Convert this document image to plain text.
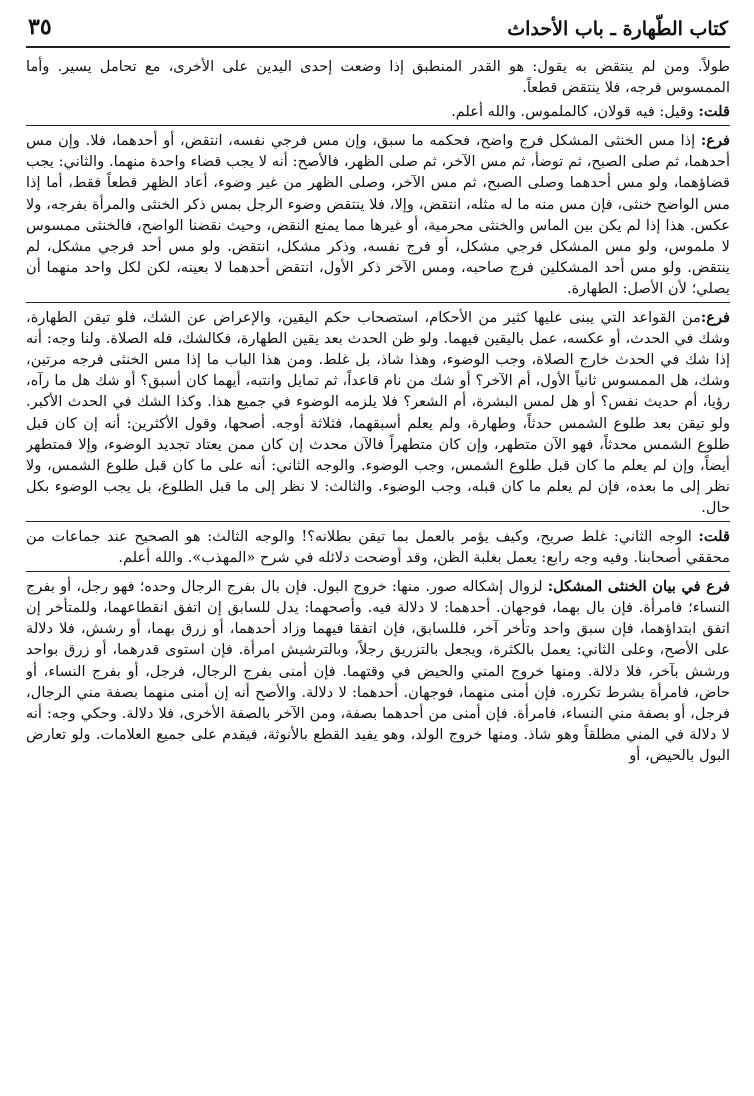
كتاب الطّهارة ـ باب الأحداث
٣٥

طولاً. ومن لم ينتقض به يقول: هو القدر المنطبق إذا وضعت إحدى اليدين على الأخرى، مع تحامل يسير. وأما الممسوس فرجه، فلا ينتقض قطعاً.

قلت: وقيل: فيه قولان، كالملموس. والله أعلم.

فرع: إذا مس الخنثى المشكل فرج واضح، فحكمه ما سبق، وإن مس فرجي نفسه، انتقض، أو أحدهما، فلا. وإن مس أحدهما، ثم صلى الصبح، ثم توضأ، ثم مس الآخر، ثم صلى الظهر، فالأصح: أنه لا يجب قضاء واحدة منهما. والثاني: يجب قضاؤهما، ولو مس أحدهما وصلى الصبح، ثم مس الآخر، وصلى الظهر من غير وضوء، أعاد الظهر قطعاً فقط، أما إذا مس الواضح خنثى، فإن مس منه ما له مثله، انتقض، وإلا، فلا ينتقض وضوء الرجل بمس ذكر الخنثى والمرأة بفرجه، ولا عكس. هذا إذا لم يكن بين الماس والخنثى محرمية، أو غيرها مما يمنع النقض، وحيث نقضنا الواضح، فالخنثى ممسوس لا ملموس، ولو مس المشكل فرجي مشكل، أو فرج نفسه، وذكر مشكل، انتقض. ولو مس أحد فرجي مشكل، لم ينتقض. ولو مس أحد المشكلين فرج صاحبه، ومس الآخر ذكر الأول، انتقض أحدهما لا بعينه، لكن لكل واحد منهما أن يصلي؛ لأن الأصل: الطهارة.

فرع:من القواعد التي يبنى عليها كثير من الأحكام، استصحاب حكم اليقين، والإعراض عن الشك، فلو تيقن الطهارة، وشك في الحدث، أو عكسه، عمل باليقين فيهما. ولو ظن الحدث بعد يقين الطهارة، فكالشك، فله الصلاة. ولنا وجه: أنه إذا شك في الحدث خارج الصلاة، وجب الوضوء، وهذا شاذ، بل غلط. ومن هذا الباب ما إذا مس الخنثى فرجه مرتين، وشك، هل الممسوس ثانياً الأول، أم الآخر؟ أو شك من نام قاعداً، ثم تمايل وانتبه، أيهما كان أسبق؟ أو شك هل ما رآه، رؤيا، أم حديث نفس؟ أو هل لمس البشرة، أم الشعر؟ فلا يلزمه الوضوء في جميع هذا. وكذا الشك في الحدث الأكبر. ولو تيقن بعد طلوع الشمس حدثاً، وطهارة، ولم يعلم أسبقهما، فثلاثة أوجه. أصحها، وقول الأكثرين: أنه إن كان قبل طلوع الشمس محدثاً، فهو الآن متطهر، وإن كان متطهراً فالآن محدث إن كان ممن يعتاد تجديد الوضوء، وإلا فمتطهر أيضاً، وإن لم يعلم ما كان قبل طلوع الشمس، وجب الوضوء. والوجه الثاني: أنه على ما كان قبل طلوع الشمس، ولا نظر إلى ما بعده، فإن لم يعلم ما كان قبله، وجب الوضوء. والثالث: لا نظر إلى ما قبل الطلوع، بل يجب الوضوء بكل حال.

قلت: الوجه الثاني: غلط صريح، وكيف يؤمر بالعمل بما تيقن بطلانه؟! والوجه الثالث: هو الصحيح عند جماعات من محققي أصحابنا. وفيه وجه رابع: يعمل بغلبة الظن، وقد أوضحت دلائله في شرح «المهذب». والله أعلم.

فرع في بيان الخنثى المشكل: لزوال إشكاله صور. منها: خروج البول. فإن بال بفرج الرجال وحده؛ فهو رجل، أو بفرج النساء؛ فامرأة. فإن بال بهما، فوجهان. أحدهما: لا دلالة فيه. وأصحهما: يدل للسابق إن اتفق انقطاعهما، وللمتأخر إن اتفق ابتداؤهما، فإن سبق واحد وتأخر آخر، فللسابق، فإن اتفقا فيهما وزاد أحدهما، أو زرق بهما، أو رشش، فلا دلالة على الأصح، وعلى الثاني: يعمل بالكثرة، ويجعل بالتزريق رجلاً، وبالترشيش امرأة. فإن استوى قدرهما، أو زرق بواحد ورشش بآخر، فلا دلالة. ومنها خروج المني والحيض في وقتهما. فإن أمنى بفرج الرجال، فرجل، أو بفرج النساء، أو حاض، فامرأة بشرط تكرره. فإن أمنى منهما، فوجهان. أحدهما: لا دلالة. والأصح أنه إن أمنى منهما بصفة مني الرجال، فرجل، أو بصفة مني النساء، فامرأة. فإن أمنى من أحدهما بصفة، ومن الآخر بالصفة الأخرى، فلا دلالة. وحكي وجه: أنه لا دلالة في المني مطلقاً وهو شاذ. ومنها خروج الولد، وهو يفيد القطع بالأنوثة، فيقدم على جميع العلامات. ولو تعارض البول بالحيض، أو
